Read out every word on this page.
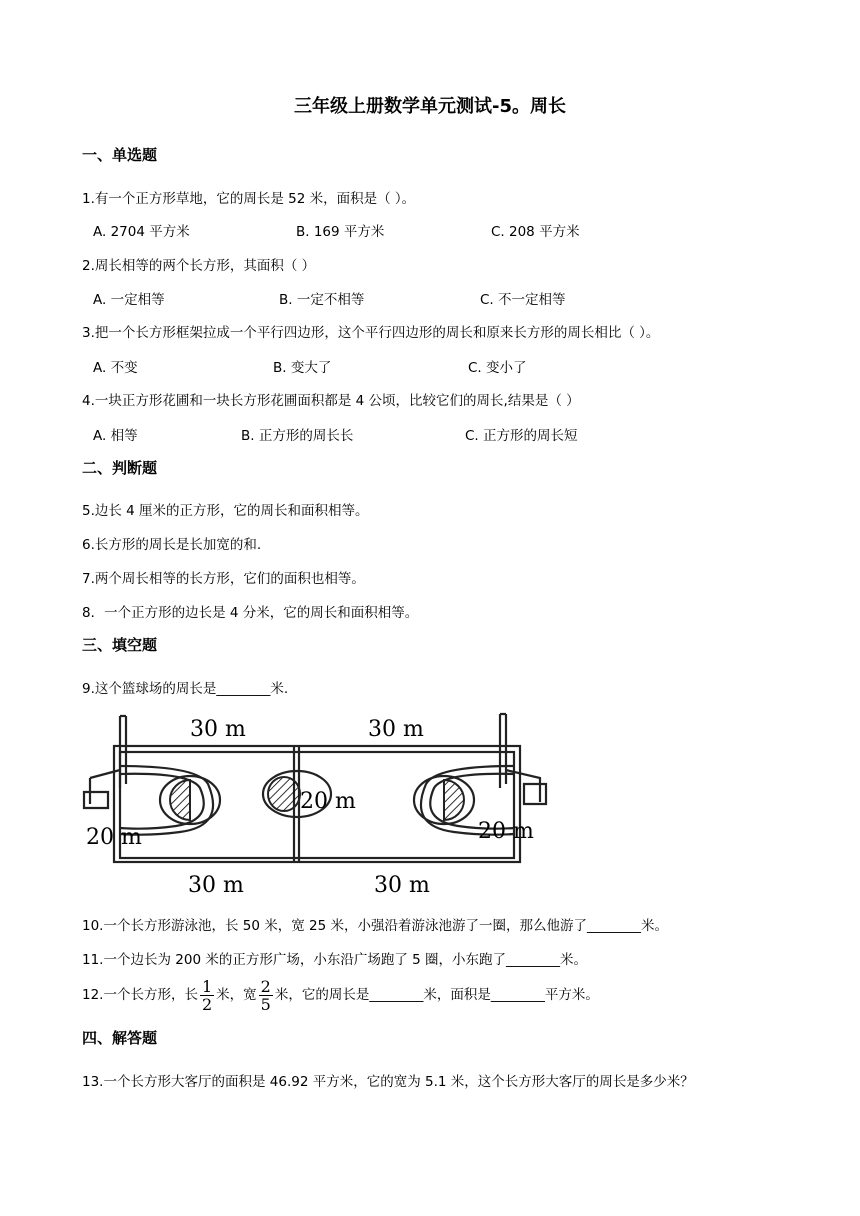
三年级上册数学单元测试-5。周长
一、单选题
1.有一个正方形草地，它的周长是 52 米，面积是（ ）。
A. 2704 平方米	B. 169 平方米	C. 208 平方米
2.周长相等的两个长方形，其面积（ ）
A. 一定相等	B. 一定不相等	C. 不一定相等
3.把一个长方形框架拉成一个平行四边形，这个平行四边形的周长和原来长方形的周长相比（ ）。
A. 不变	B. 变大了	C. 变小了
4.一块正方形花圃和一块长方形花圃面积都是 4 公顷，比较它们的周长,结果是（ ）
A. 相等	B. 正方形的周长长	C. 正方形的周长短
二、判断题
5.边长 4 厘米的正方形，它的周长和面积相等。
6.长方形的周长是长加宽的和.
7.两个周长相等的长方形，它们的面积也相等。
8．一个正方形的边长是 4 分米，它的周长和面积相等。
三、填空题
9.这个篮球场的周长是________米.
30 m	30 m
30 m	30 m
20 m
20 m
20 m
10.一个长方形游泳池，长 50 米，宽 25 米，小强沿着游泳池游了一圈，那么他游了________米。
11.一个边长为 200 米的正方形广场，小东沿广场跑了 5 圈，小东跑了________米。
12.一个长方形，长 $\frac{1}{2}$ 米，宽 $\frac{2}{5}$ 米，它的周长是________米，面积是________平方米。
四、解答题
13.一个长方形大客厅的面积是 46.92 平方米，它的宽为 5.1 米，这个长方形大客厅的周长是多少米？
